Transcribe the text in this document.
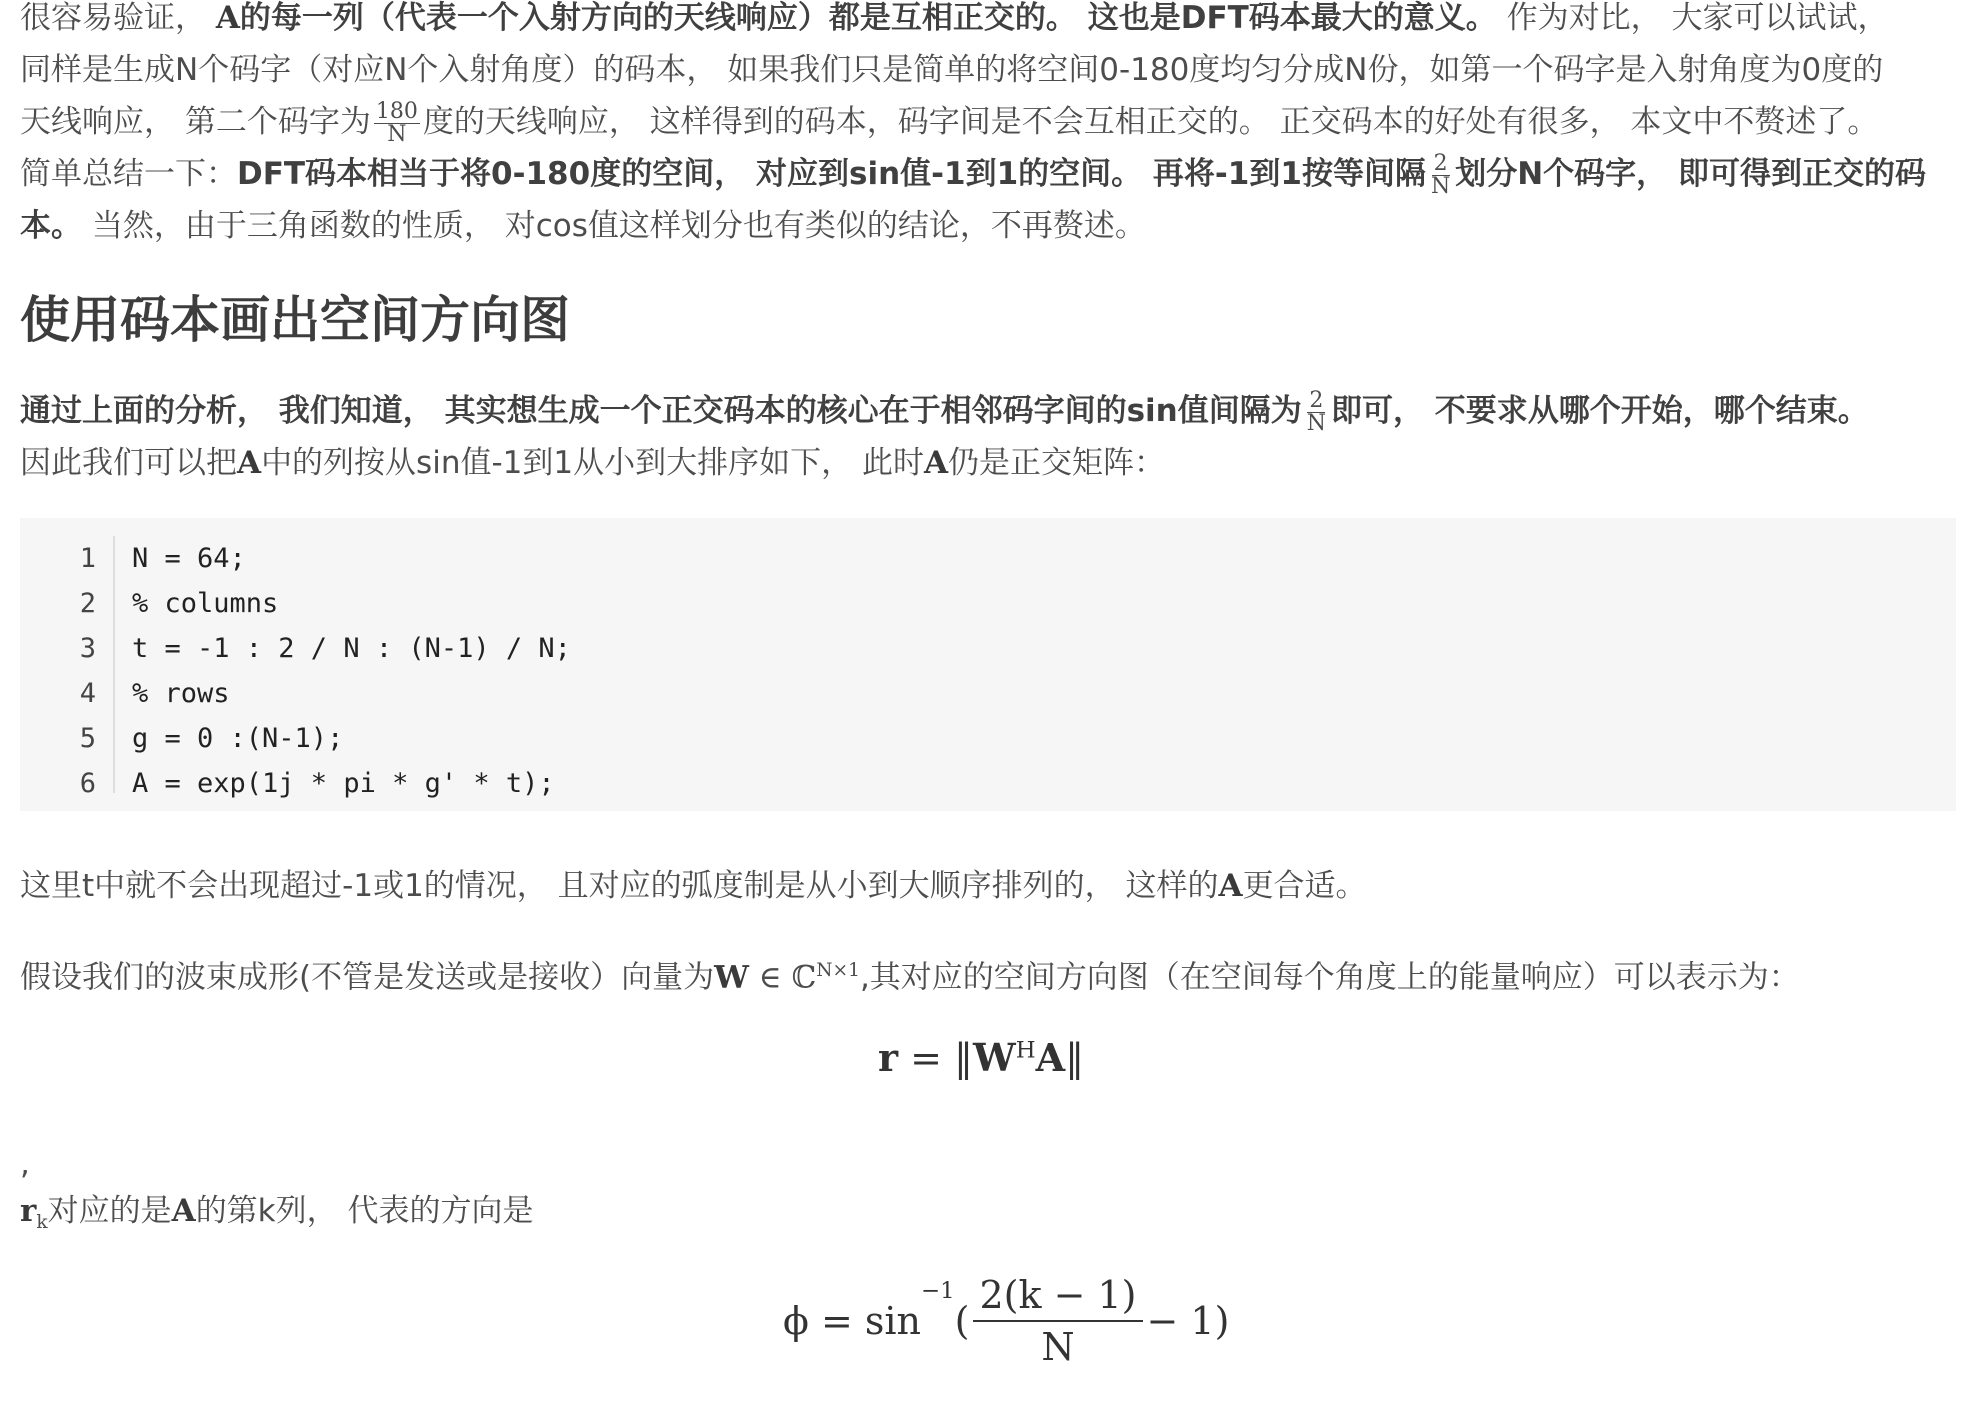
很容易验证， A的每一列（代表一个入射方向的天线响应）都是互相正交的。 这也是DFT码本最大的意义。 作为对比， 大家可以试试，
同样是生成N个码字（对应N个入射角度）的码本， 如果我们只是简单的将空间0-180度均匀分成N份，如第一个码字是入射角度为0度的
天线响应， 第二个码字为 $\frac{180}{N}$ 度的天线响应， 这样得到的码本，码字间是不会互相正交的。 正交码本的好处有很多， 本文中不赘述了。
简单总结一下：DFT码本相当于将0-180度的空间， 对应到sin值-1到1的空间。 再将-1到1按等间隔 $\frac{2}{N}$ 划分N个码字， 即可得到正交的码
本。 当然，由于三角函数的性质， 对cos值这样划分也有类似的结论，不再赘述。
使用码本画出空间方向图
通过上面的分析， 我们知道， 其实想生成一个正交码本的核心在于相邻码字间的sin值间隔为 $\frac{2}{N}$ 即可， 不要求从哪个开始，哪个结束。
因此我们可以把A中的列按从sin值-1到1从小到大排序如下， 此时A仍是正交矩阵：
1 N = 64;
2 % columns
3 t = -1 : 2 / N : (N-1) / N;
4 % rows
5 g = 0 :(N-1);
6 A = exp(1j * pi * g' * t);
这里t中就不会出现超过-1或1的情况， 且对应的弧度制是从小到大顺序排列的， 这样的A更合适。
假设我们的波束成形(不管是发送或是接收）向量为W ∈ ℂ$^{N\times 1}$,其对应的空间方向图（在空间每个角度上的能量响应）可以表示为：
$r = ‖W^HA‖$
,
$r_k$对应的是A的第k列， 代表的方向是
ϕ = sin
−1
( $\frac{2(k - 1)}{N} - 1$)
